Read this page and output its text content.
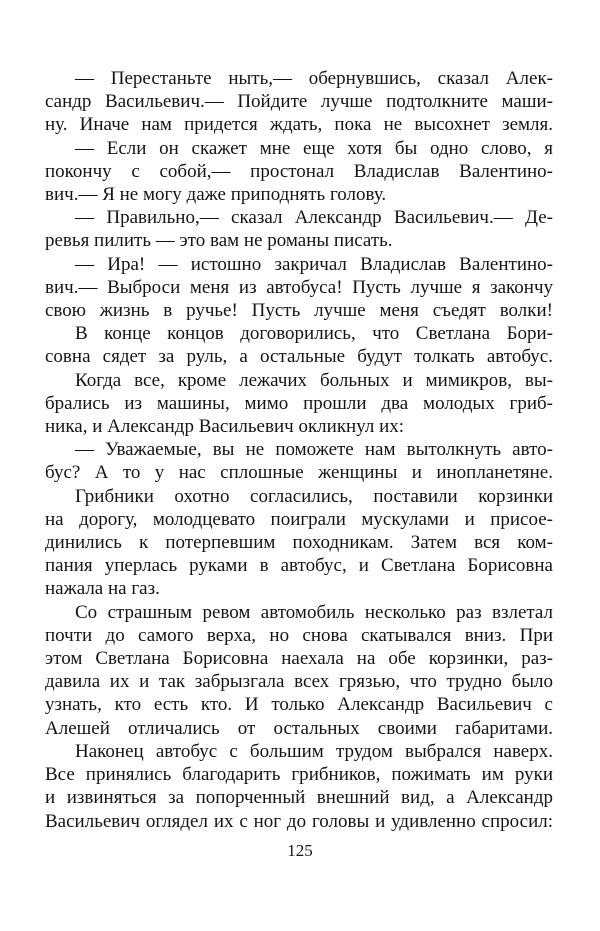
— Перестаньте ныть,— обернувшись, сказал Алек-
сандр Васильевич.— Пойдите лучше подтолкните маши-
ну. Иначе нам придется ждать, пока не высохнет земля.

— Если он скажет мне еще хотя бы одно слово, я
покончу с собой,— простонал Владислав Валентино-
вич.— Я не могу даже приподнять голову.

— Правильно,— сказал Александр Васильевич.— Де-
ревья пилить — это вам не романы писать.

— Ира! — истошно закричал Владислав Валентино-
вич.— Выброси меня из автобуса! Пусть лучше я закончу
свою жизнь в ручье! Пусть лучше меня съедят волки!

В конце концов договорились, что Светлана Бори-
совна сядет за руль, а остальные будут толкать автобус.

Когда все, кроме лежачих больных и мимикров, вы-
брались из машины, мимо прошли два молодых гриб-
ника, и Александр Васильевич окликнул их:

— Уважаемые, вы не поможете нам вытолкнуть авто-
бус? А то у нас сплошные женщины и инопланетяне.

Грибники охотно согласились, поставили корзинки
на дорогу, молодцевато поиграли мускулами и присое-
динились к потерпевшим походникам. Затем вся ком-
пания уперлась руками в автобус, и Светлана Борисовна
нажала на газ.

Со страшным ревом автомобиль несколько раз взлетал
почти до самого верха, но снова скатывался вниз. При
этом Светлана Борисовна наехала на обе корзинки, раз-
давила их и так забрызгала всех грязью, что трудно было
узнать, кто есть кто. И только Александр Васильевич с
Алешей отличались от остальных своими габаритами.

Наконец автобус с большим трудом выбрался наверх.
Все принялись благодарить грибников, пожимать им руки
и извиняться за попорченный внешний вид, а Александр
Васильевич оглядел их с ног до головы и удивленно спросил:

125
